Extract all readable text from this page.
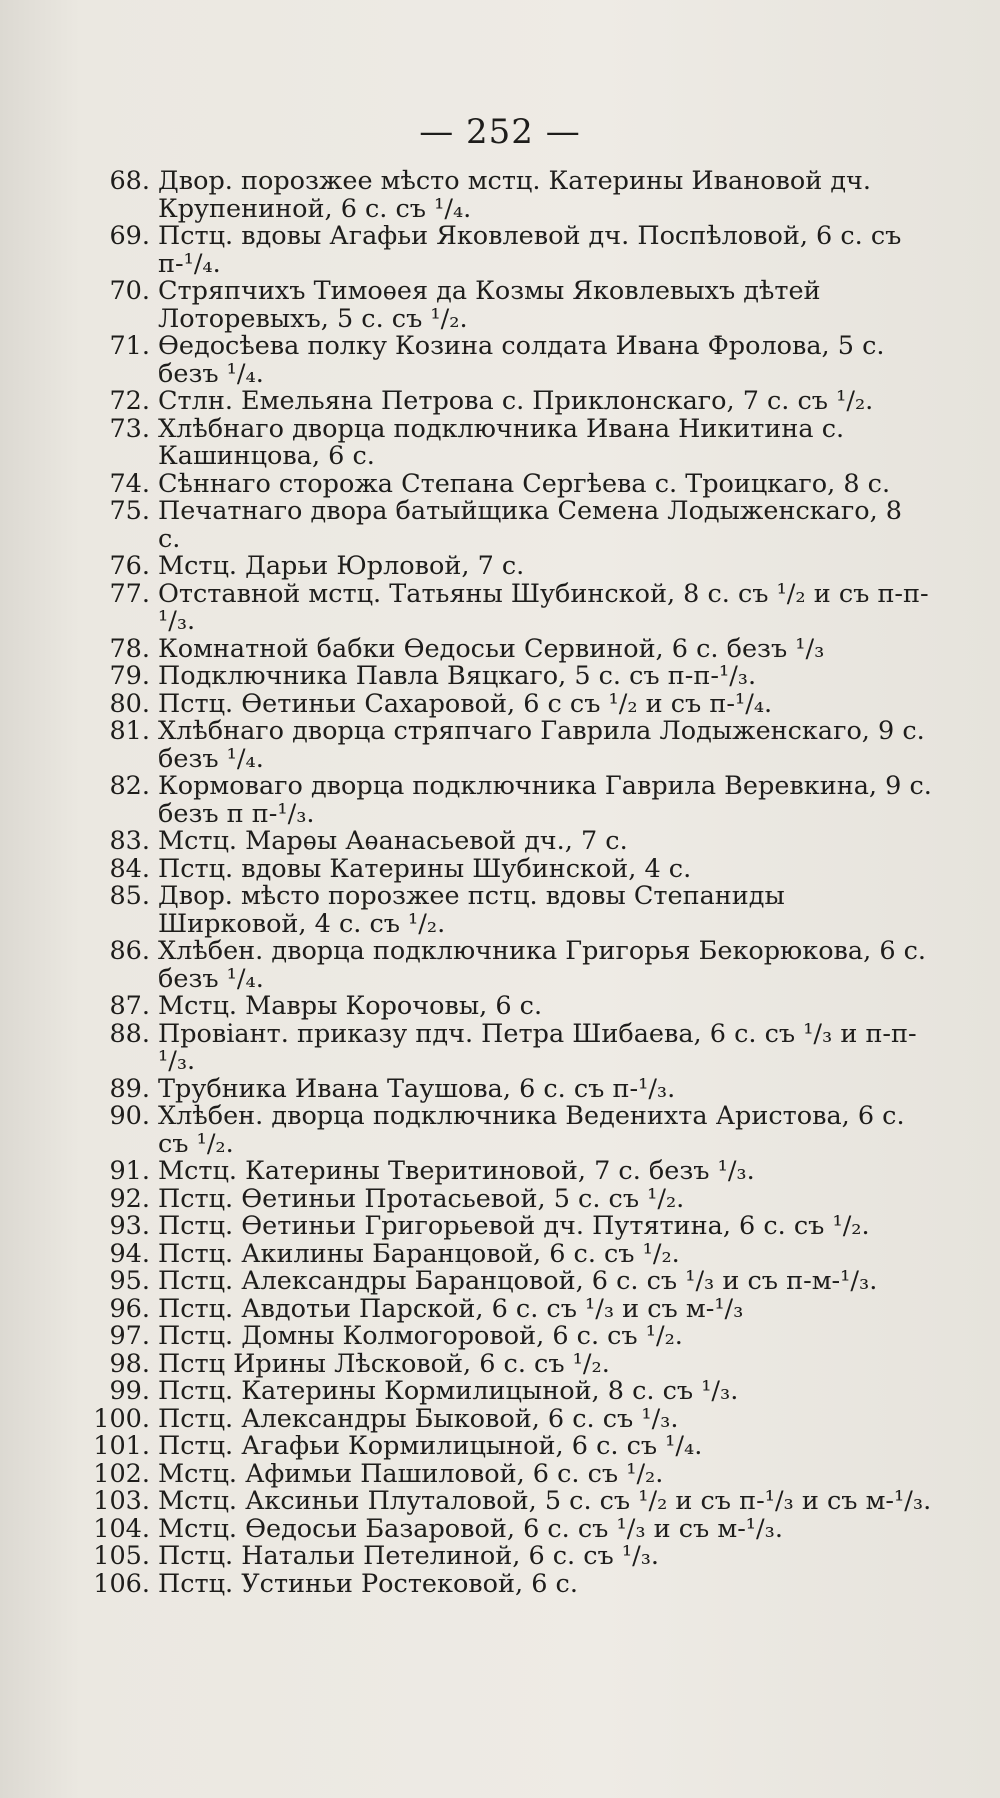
— 252 —

68. Двор. порозжее мѣсто мстц. Катерины Ивановой дч. Крупениной, 6 с. съ ¹/₄.

69. Пстц. вдовы Агафьи Яковлевой дч. Поспѣловой, 6 с. съ п-¹/₄.

70. Стряпчихъ Тимоѳея да Козмы Яковлевыхъ дѣтей Лоторевыхъ, 5 с. съ ¹/₂.

71. Ѳедосѣева полку Козина солдата Ивана Фролова, 5 с. безъ ¹/₄.

72. Стлн. Емельяна Петрова с. Приклонскаго, 7 с. съ ¹/₂.

73. Хлѣбнаго дворца подключника Ивана Никитина с. Кашинцова, 6 с.

74. Сѣннаго сторожа Степана Сергѣева с. Троицкаго, 8 с.

75. Печатнаго двора батыйщика Семена Лодыженскаго, 8 с.

76. Мстц. Дарьи Юрловой, 7 с.

77. Отставной мстц. Татьяны Шубинской, 8 с. съ ¹/₂ и съ п-п-¹/₃.

78. Комнатной бабки Ѳедосьи Сервиной, 6 с. безъ ¹/₃

79. Подключника Павла Вяцкаго, 5 с. съ п-п-¹/₃.

80. Пстц. Ѳетиньи Сахаровой, 6 с съ ¹/₂ и съ п-¹/₄.

81. Хлѣбнаго дворца стряпчаго Гаврила Лодыженскаго, 9 с. безъ ¹/₄.

82. Кормоваго дворца подключника Гаврила Веревкина, 9 с. безъ п п-¹/₃.

83. Мстц. Марѳы Аѳанасьевой дч., 7 с.

84. Пстц. вдовы Катерины Шубинской, 4 с.

85. Двор. мѣсто порозжее пстц. вдовы Степаниды Ширковой, 4 с. съ ¹/₂.

86. Хлѣбен. дворца подключника Григорья Бекорюкова, 6 с. безъ ¹/₄.

87. Мстц. Мавры Корочовы, 6 с.

88. Провіант. приказу пдч. Петра Шибаева, 6 с. съ ¹/₃ и п-п-¹/₃.

89. Трубника Ивана Таушова, 6 с. съ п-¹/₃.

90. Хлѣбен. дворца подключника Веденихта Аристова, 6 с. съ ¹/₂.

91. Мстц. Катерины Тверитиновой, 7 с. безъ ¹/₃.

92. Пстц. Ѳетиньи Протасьевой, 5 с. съ ¹/₂.

93. Пстц. Ѳетиньи Григорьевой дч. Путятина, 6 с. съ ¹/₂.

94. Пстц. Акилины Баранцовой, 6 с. съ ¹/₂.

95. Пстц. Александры Баранцовой, 6 с. съ ¹/₃ и съ п-м-¹/₃.

96. Пстц. Авдотьи Парской, 6 с. съ ¹/₃ и съ м-¹/₃

97. Пстц. Домны Колмогоровой, 6 с. съ ¹/₂.

98. Пстц Ирины Лѣсковой, 6 с. съ ¹/₂.

99. Пстц. Катерины Кормилицыной, 8 с. съ ¹/₃.

100. Пстц. Александры Быковой, 6 с. съ ¹/₃.

101. Пстц. Агафьи Кормилицыной, 6 с. съ ¹/₄.

102. Мстц. Афимьи Пашиловой, 6 с. съ ¹/₂.

103. Мстц. Аксиньи Плуталовой, 5 с. съ ¹/₂ и съ п-¹/₃ и съ м-¹/₃.

104. Мстц. Ѳедосьи Базаровой, 6 с. съ ¹/₃ и съ м-¹/₃.

105. Пстц. Натальи Петелиной, 6 с. съ ¹/₃.

106. Пстц. Устиньи Ростековой, 6 с.
